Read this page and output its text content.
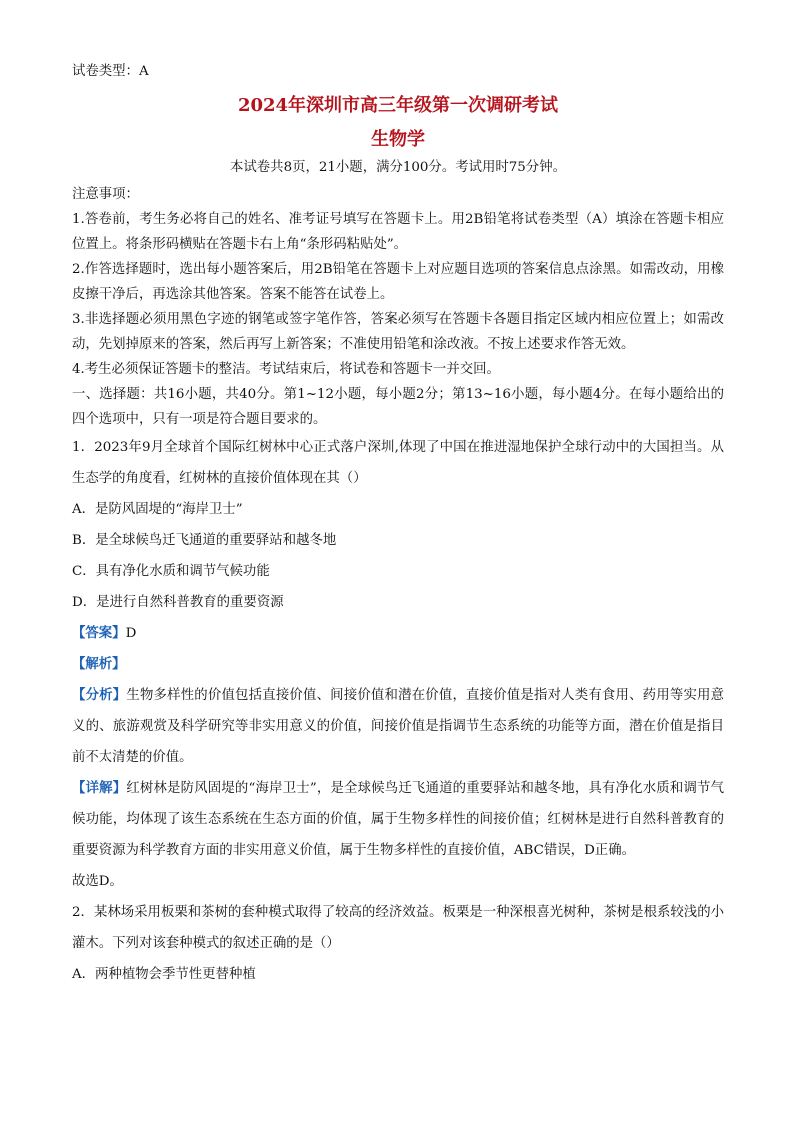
试卷类型：A
2024年深圳市高三年级第一次调研考试
生物学
本试卷共8页，21小题，满分100分。考试用时75分钟。
注意事项：
1.答卷前，考生务必将自己的姓名、准考证号填写在答题卡上。用2B铅笔将试卷类型（A）填涂在答题卡相应位置上。将条形码横贴在答题卡右上角“条形码粘贴处”。
2.作答选择题时，选出每小题答案后，用2B铅笔在答题卡上对应题目选项的答案信息点涂黑。如需改动，用橡皮擦干净后，再选涂其他答案。答案不能答在试卷上。
3.非选择题必须用黑色字迹的钢笔或签字笔作答，答案必须写在答题卡各题目指定区域内相应位置上；如需改动，先划掉原来的答案，然后再写上新答案；不准使用铅笔和涂改液。不按上述要求作答无效。
4.考生必须保证答题卡的整洁。考试结束后，将试卷和答题卡一并交回。
一、选择题：共16小题，共40分。第1~12小题，每小题2分；第13~16小题，每小题4分。在每小题给出的四个选项中，只有一项是符合题目要求的。
1．2023年9月全球首个国际红树林中心正式落户深圳,体现了中国在推进湿地保护全球行动中的大国担当。从生态学的角度看，红树林的直接价值体现在其（）
A．是防风固堤的“海岸卫士”
B．是全球候鸟迁飞通道的重要驿站和越冬地
C．具有净化水质和调节气候功能
D．是进行自然科普教育的重要资源
【答案】D
【解析】
【分析】生物多样性的价值包括直接价值、间接价值和潜在价值，直接价值是指对人类有食用、药用等实用意义的、旅游观赏及科学研究等非实用意义的价值，间接价值是指调节生态系统的功能等方面，潜在价值是指目前不太清楚的价值。
【详解】红树林是防风固堤的“海岸卫士”，是全球候鸟迁飞通道的重要驿站和越冬地，具有净化水质和调节气候功能，均体现了该生态系统在生态方面的价值，属于生物多样性的间接价值；红树林是进行自然科普教育的重要资源为科学教育方面的非实用意义价值，属于生物多样性的直接价值，ABC错误，D正确。
故选D。
2．某林场采用板栗和茶树的套种模式取得了较高的经济效益。板栗是一种深根喜光树种，茶树是根系较浅的小灌木。下列对该套种模式的叙述正确的是（）
A．两种植物会季节性更替种植
